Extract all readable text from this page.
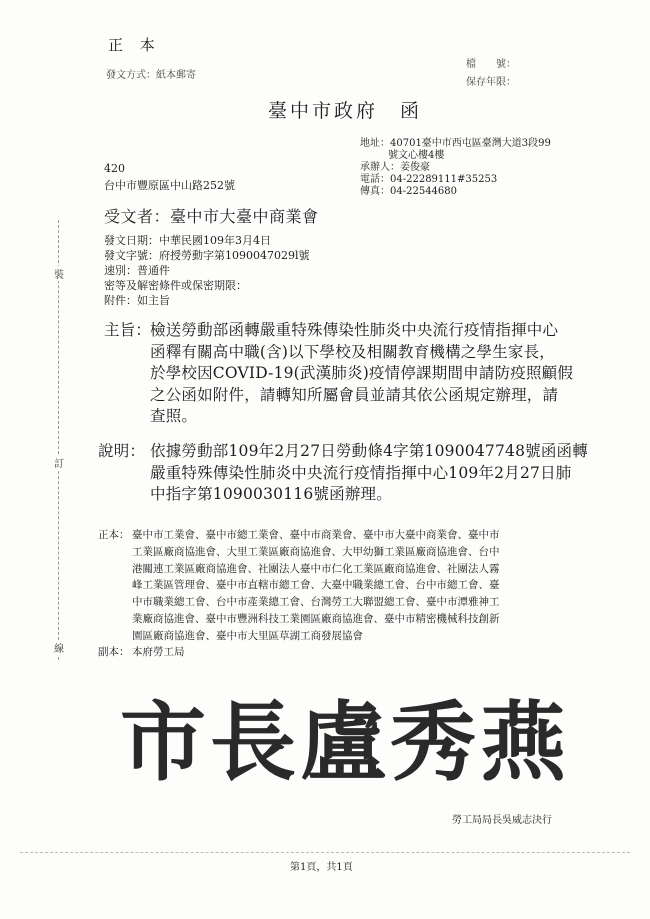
正 本
發文方式：紙本郵寄
檔　　號：
保存年限：
臺中市政府　函
地址：40701臺中市西屯區臺灣大道3段99
號文心樓4樓
承辦人：姜俊豪
電話：04-22289111#35253
傳真：04-22544680
420
台中市豐原區中山路252號
受文者：臺中市大臺中商業會
發文日期：中華民國109年3月4日
發文字號：府授勞動字第1090047029l號
速別：普通件
密等及解密條件或保密期限：
附件：如主旨
主旨：
檢送勞動部函轉嚴重特殊傳染性肺炎中央流行疫情指揮中心
函釋有關高中職(含)以下學校及相關教育機構之學生家長，
於學校因COVID-19(武漢肺炎)疫情停課期間申請防疫照顧假
之公函如附件，請轉知所屬會員並請其依公函規定辦理，請
查照。
說明： 依據勞動部109年2月27日勞動條4字第1090047748號函函轉
嚴重特殊傳染性肺炎中央流行疫情指揮中心109年2月27日肺
中指字第1090030116號函辦理。
正本： 臺中市工業會、臺中市總工業會、臺中市商業會、臺中市大臺中商業會、臺中市
工業區廠商協進會、大里工業區廠商協進會、大甲幼獅工業區廠商協進會、台中
港關連工業區廠商協進會、社團法人臺中市仁化工業區廠商協進會、社團法人霧
峰工業區管理會、臺中市直轄市總工會、大臺中職業總工會、台中市總工會、臺
中市職業總工會、台中市產業總工會、台灣勞工大聯盟總工會、臺中市潭雅神工
業廠商協進會、臺中市豐洲科技工業園區廠商協進會、臺中市精密機械科技創新
園區廠商協進會、臺中市大里區草湖工商發展協會
副本： 本府勞工局
市長盧秀燕
勞工局局長吳威志決行
裝
訂
線
第1頁，共1頁
